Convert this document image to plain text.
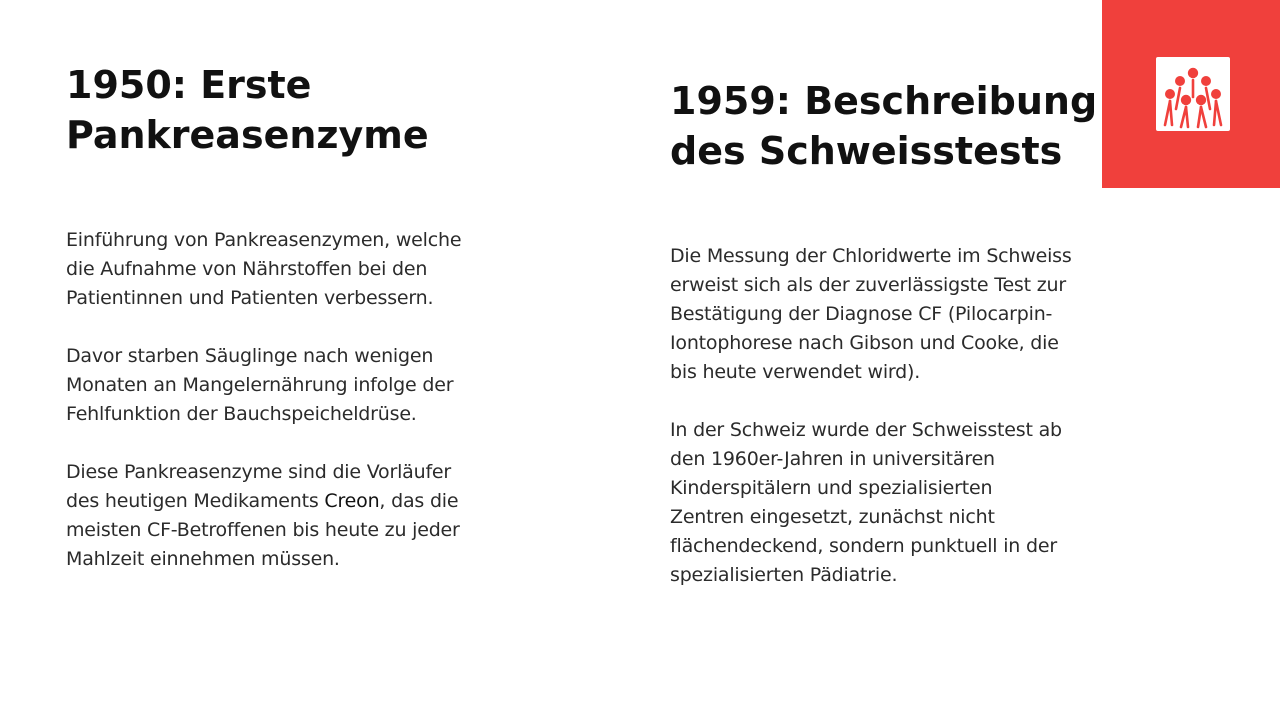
1950: Erste
Pankreasenzyme

Einführung von Pankreasenzymen, welche
die Aufnahme von Nährstoffen bei den
Patientinnen und Patienten verbessern.

Davor starben Säuglinge nach wenigen
Monaten an Mangelernährung infolge der
Fehlfunktion der Bauchspeicheldrüse.

Diese Pankreasenzyme sind die Vorläufer
des heutigen Medikaments Creon, das die
meisten CF-Betroffenen bis heute zu jeder
Mahlzeit einnehmen müssen.

1959: Beschreibung
des Schweisstests

Die Messung der Chloridwerte im Schweiss
erweist sich als der zuverlässigste Test zur
Bestätigung der Diagnose CF (Pilocarpin-
Iontophorese nach Gibson und Cooke, die
bis heute verwendet wird).

In der Schweiz wurde der Schweisstest ab
den 1960er-Jahren in universitären
Kinderspitälern und spezialisierten
Zentren eingesetzt, zunächst nicht
flächendeckend, sondern punktuell in der
spezialisierten Pädiatrie.
